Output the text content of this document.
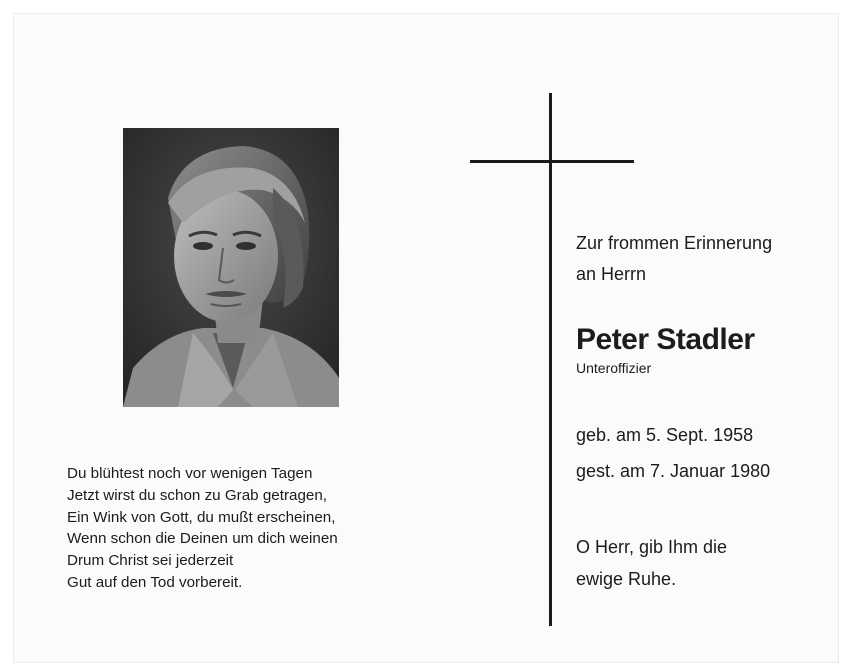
Du blühtest noch vor wenigen Tagen
Jetzt wirst du schon zu Grab getragen,
Ein Wink von Gott, du mußt erscheinen,
Wenn schon die Deinen um dich weinen
Drum Christ sei jederzeit
Gut auf den Tod vorbereit.
Zur frommen Erinnerung
an Herrn
Peter Stadler
Unteroffizier
geb. am 5. Sept. 1958
gest. am 7. Januar 1980
O Herr, gib Ihm die
ewige Ruhe.
